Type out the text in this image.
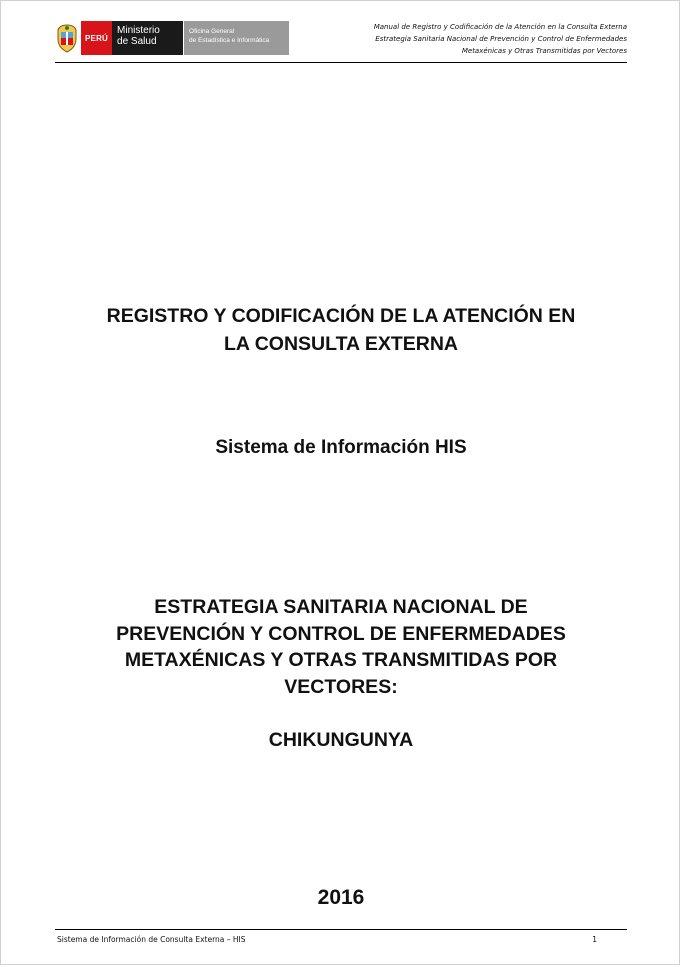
PERÚ
Ministerio
de Salud
Oficina General
de Estadística e Informática
Manual de Registro y Codificación de la Atención en la Consulta Externa
Estrategia Sanitaria Nacional de Prevención y Control de Enfermedades
Metaxénicas y Otras Transmitidas por Vectores
REGISTRO Y CODIFICACIÓN DE LA ATENCIÓN EN
LA CONSULTA EXTERNA
Sistema de Información HIS
ESTRATEGIA SANITARIA NACIONAL DE
PREVENCIÓN Y CONTROL DE ENFERMEDADES
METAXÉNICAS Y OTRAS TRANSMITIDAS POR
VECTORES:
CHIKUNGUNYA
2016
Sistema de Información de Consulta Externa – HIS	1
